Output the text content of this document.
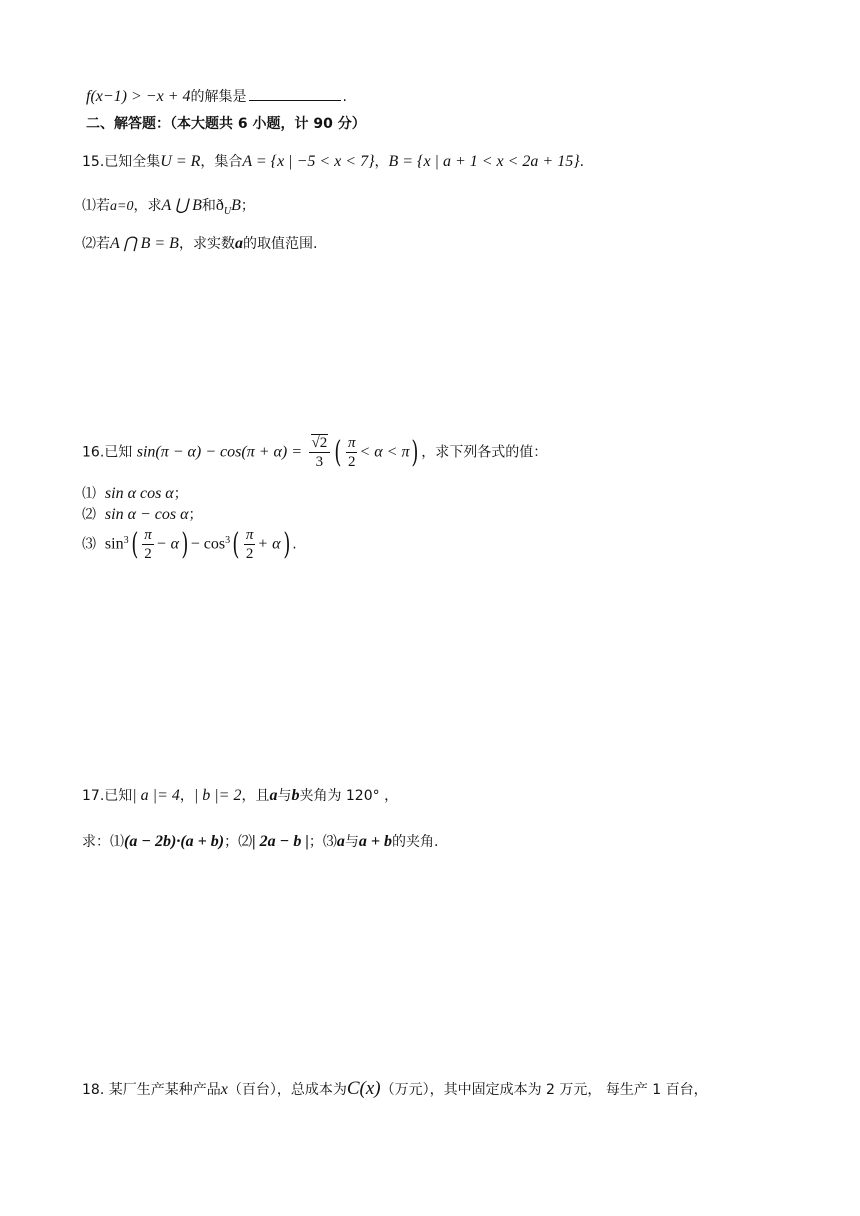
f(x−1) > −x + 4的解集是	.
二、解答题：（本大题共 6 小题，计 90 分）
15.已知全集U = R，集合A = {x | −5 < x < 7}，B = {x | a + 1 < x < 2a + 15}.
⑴若a=0，求A ⋃ B和$ð_UB$；
⑵若A ⋂ B = B，求实数a的取值范围.
16.已知 $\sin(\pi - \alpha) - \cos(\pi + \alpha) = \frac{√2}{3}$ ( $\frac{\pi}{2} < \alpha < \pi$) ，求下列各式的值：
⑴ sin α cos α；
⑵ sin α − cos α；
⑶ $\sin^3( \frac{\pi}{2} - \alpha) - \cos^3( \frac{\pi}{2} + \alpha)$ .
17.已知| a |= 4，| b |= 2，且a与b夹角为 120° ，
求：⑴(a − 2b)·(a + b)；⑵| 2a − b |；⑶a与a + b的夹角.
18. 某厂生产某种产品x（百台），总成本为C(x)（万元），其中固定成本为 2 万元， 每生产 1 百台，
